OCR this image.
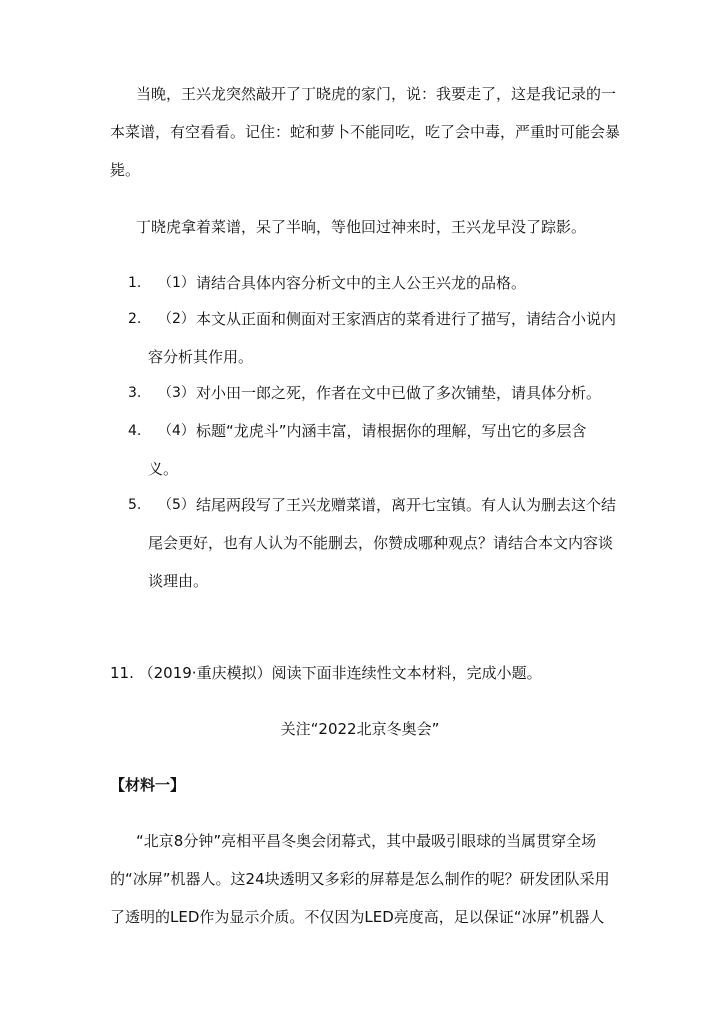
当晚，王兴龙突然敲开了丁晓虎的家门，说：我要走了，这是我记录的一
本菜谱，有空看看。记住：蛇和萝卜不能同吃，吃了会中毒，严重时可能会暴
毙。
丁晓虎拿着菜谱，呆了半晌，等他回过神来时，王兴龙早没了踪影。
1. （1） 请结合具体内容分析文中的主人公王兴龙的品格。
2. （2） 本文从正面和侧面对王家酒店的菜肴进行了描写，请结合小说内
容分析其作用。
3. （3） 对小田一郎之死，作者在文中已做了多次铺垫，请具体分析。
4. （4） 标题“龙虎斗”内涵丰富，请根据你的理解，写出它的多层含
义。
5. （5） 结尾两段写了王兴龙赠菜谱，离开七宝镇。有人认为删去这个结
尾会更好，也有人认为不能删去，你赞成哪种观点？请结合本文内容谈
谈理由。
11. （2019·重庆模拟）阅读下面非连续性文本材料，完成小题。
关注“2022北京冬奥会”
【材料一】
“北京8分钟”亮相平昌冬奥会闭幕式，其中最吸引眼球的当属贯穿全场
的“冰屏”机器人。这24块透明又多彩的屏幕是怎么制作的呢？研发团队采用
了透明的LED作为显示介质。不仅因为LED亮度高，足以保证“冰屏”机器人
